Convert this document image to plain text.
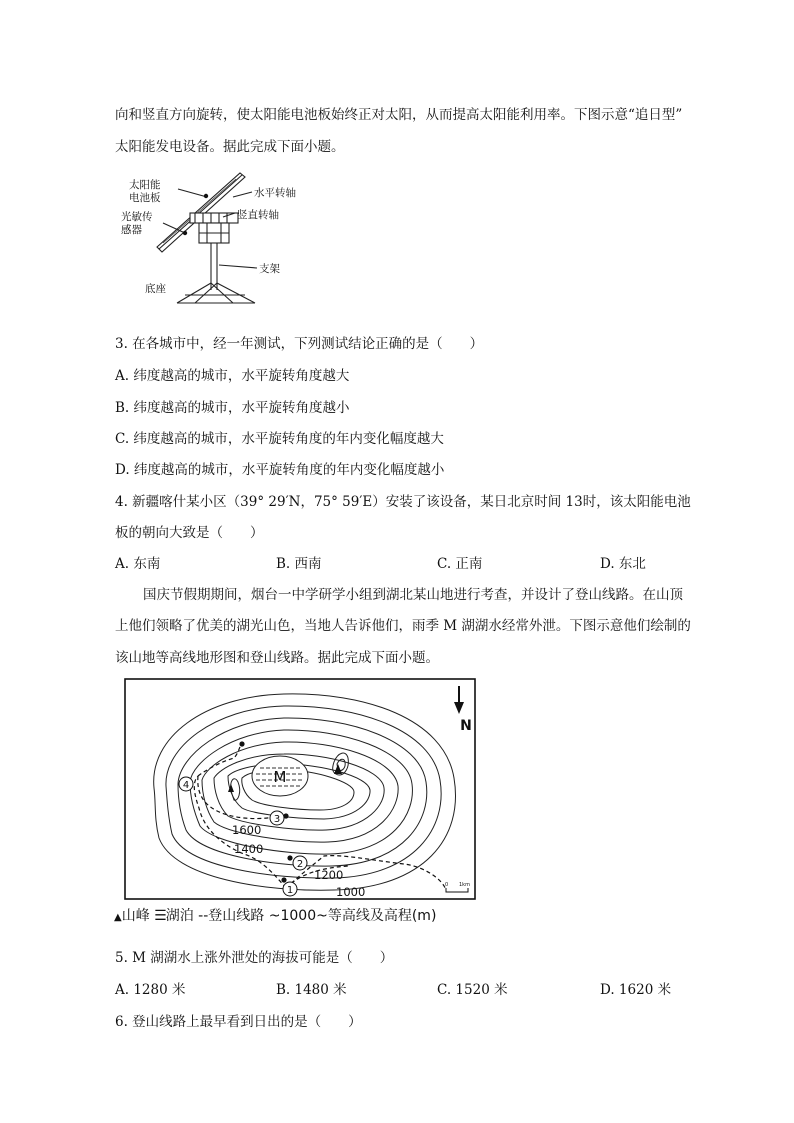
向和竖直方向旋转，使太阳能电池板始终正对太阳，从而提高太阳能利用率。下图示意“追日型”
太阳能发电设备。据此完成下面小题。
太阳能
电池板
光敏传
感器
水平转轴
竖直转轴
支架
底座
3. 在各城市中，经一年测试，下列测试结论正确的是（　　）
A. 纬度越高的城市，水平旋转角度越大
B. 纬度越高的城市，水平旋转角度越小
C. 纬度越高的城市，水平旋转角度的年内变化幅度越大
D. 纬度越高的城市，水平旋转角度的年内变化幅度越小
4. 新疆喀什某小区（39° 29′N，75° 59′E）安装了该设备，某日北京时间 13时，该太阳能电池
板的朝向大致是（　　）
A. 东南	B. 西南	C. 正南	D. 东北
国庆节假期期间，烟台一中学研学小组到湖北某山地进行考查，并设计了登山线路。在山顶
上他们领略了优美的湖光山色，当地人告诉他们，雨季 M 湖湖水经常外泄。下图示意他们绘制的
该山地等高线地形图和登山线路。据此完成下面小题。
M
4
3
2
1
1600
1400
1200
1000
N
0 1km
▲山峰 ☰湖泊 --登山线路 ~1000~等高线及高程(m)
5. M 湖湖水上涨外泄处的海拔可能是（　　）
A. 1280 米	B. 1480 米	C. 1520 米	D. 1620 米
6. 登山线路上最早看到日出的是（　　）
